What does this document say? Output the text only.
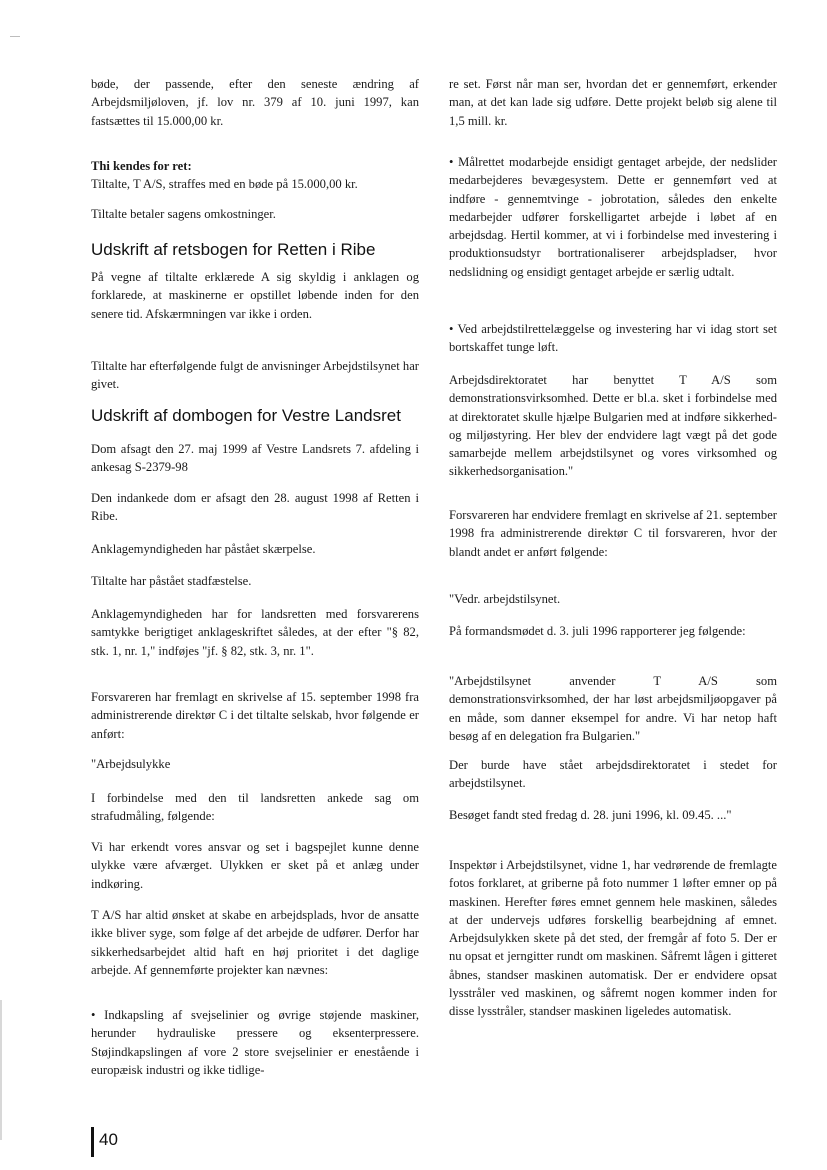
bøde, der passende, efter den seneste ændring af Arbejdsmiljøloven, jf. lov nr. 379 af 10. juni 1997, kan fastsættes til 15.000,00 kr.

Thi kendes for ret:
Tiltalte, T A/S, straffes med en bøde på 15.000,00 kr.

Tiltalte betaler sagens omkostninger.

Udskrift af retsbogen for Retten i Ribe

På vegne af tiltalte erklærede A sig skyldig i anklagen og forklarede, at maskinerne er opstillet løbende inden for den senere tid. Afskærmningen var ikke i orden.

Tiltalte har efterfølgende fulgt de anvisninger Arbejdstilsynet har givet.

Udskrift af dombogen for Vestre Landsret

Dom afsagt den 27. maj 1999 af Vestre Landsrets 7. afdeling i ankesag S-2379-98

Den indankede dom er afsagt den 28. august 1998 af Retten i Ribe.

Anklagemyndigheden har påstået skærpelse.

Tiltalte har påstået stadfæstelse.

Anklagemyndigheden har for landsretten med forsvarerens samtykke berigtiget anklageskriftet således, at der efter "§ 82, stk. 1, nr. 1," indføjes "jf. § 82, stk. 3, nr. 1".

Forsvareren har fremlagt en skrivelse af 15. september 1998 fra administrerende direktør C i det tiltalte selskab, hvor følgende er anført:

"Arbejdsulykke

I forbindelse med den til landsretten ankede sag om strafudmåling, følgende:

Vi har erkendt vores ansvar og set i bagspejlet kunne denne ulykke være afværget. Ulykken er sket på et anlæg under indkøring.

T A/S har altid ønsket at skabe en arbejdsplads, hvor de ansatte ikke bliver syge, som følge af det arbejde de udfører. Derfor har sikkerhedsarbejdet altid haft en høj prioritet i det daglige arbejde. Af gennemførte projekter kan nævnes:

• Indkapsling af svejselinier og øvrige støjende maskiner, herunder hydrauliske pressere og eksenterpressere. Støjindkapslingen af vore 2 store svejselinier er enestående i europæisk industri og ikke tidlige-

re set. Først når man ser, hvordan det er gennemført, erkender man, at det kan lade sig udføre. Dette projekt beløb sig alene til 1,5 mill. kr.

• Målrettet modarbejde ensidigt gentaget arbejde, der nedslider medarbejderes bevægesystem. Dette er gennemført ved at indføre - gennemtvinge - jobrotation, således den enkelte medarbejder udfører forskelligartet arbejde i løbet af en arbejdsdag. Hertil kommer, at vi i forbindelse med investering i produktionsudstyr bortrationaliserer arbejdspladser, hvor nedslidning og ensidigt gentaget arbejde er særlig udtalt.

• Ved arbejdstilrettelæggelse og investering har vi idag stort set bortskaffet tunge løft.

Arbejdsdirektoratet har benyttet T A/S som demonstrationsvirksomhed. Dette er bl.a. sket i forbindelse med at direktoratet skulle hjælpe Bulgarien med at indføre sikkerhed- og miljøstyring. Her blev der endvidere lagt vægt på det gode samarbejde mellem arbejdstilsynet og vores virksomhed og sikkerhedsorganisation."

Forsvareren har endvidere fremlagt en skrivelse af 21. september 1998 fra administrerende direktør C til forsvareren, hvor der blandt andet er anført følgende:

"Vedr. arbejdstilsynet.

På formandsmødet d. 3. juli 1996 rapporterer jeg følgende:

"Arbejdstilsynet anvender T A/S som demonstrationsvirksomhed, der har løst arbejdsmiljøopgaver på en måde, som danner eksempel for andre. Vi har netop haft besøg af en delegation fra Bulgarien."

Der burde have stået arbejdsdirektoratet i stedet for arbejdstilsynet.

Besøget fandt sted fredag d. 28. juni 1996, kl. 09.45. ..."

Inspektør i Arbejdstilsynet, vidne 1, har vedrørende de fremlagte fotos forklaret, at griberne på foto nummer 1 løfter emner op på maskinen. Herefter føres emnet gennem hele maskinen, således at der undervejs udføres forskellig bearbejdning af emnet. Arbejdsulykken skete på det sted, der fremgår af foto 5. Der er nu opsat et jerngitter rundt om maskinen. Såfremt lågen i gitteret åbnes, standser maskinen automatisk. Der er endvidere opsat lysstråler ved maskinen, og såfremt nogen kommer inden for disse lysstråler, standser maskinen ligeledes automatisk.

40
